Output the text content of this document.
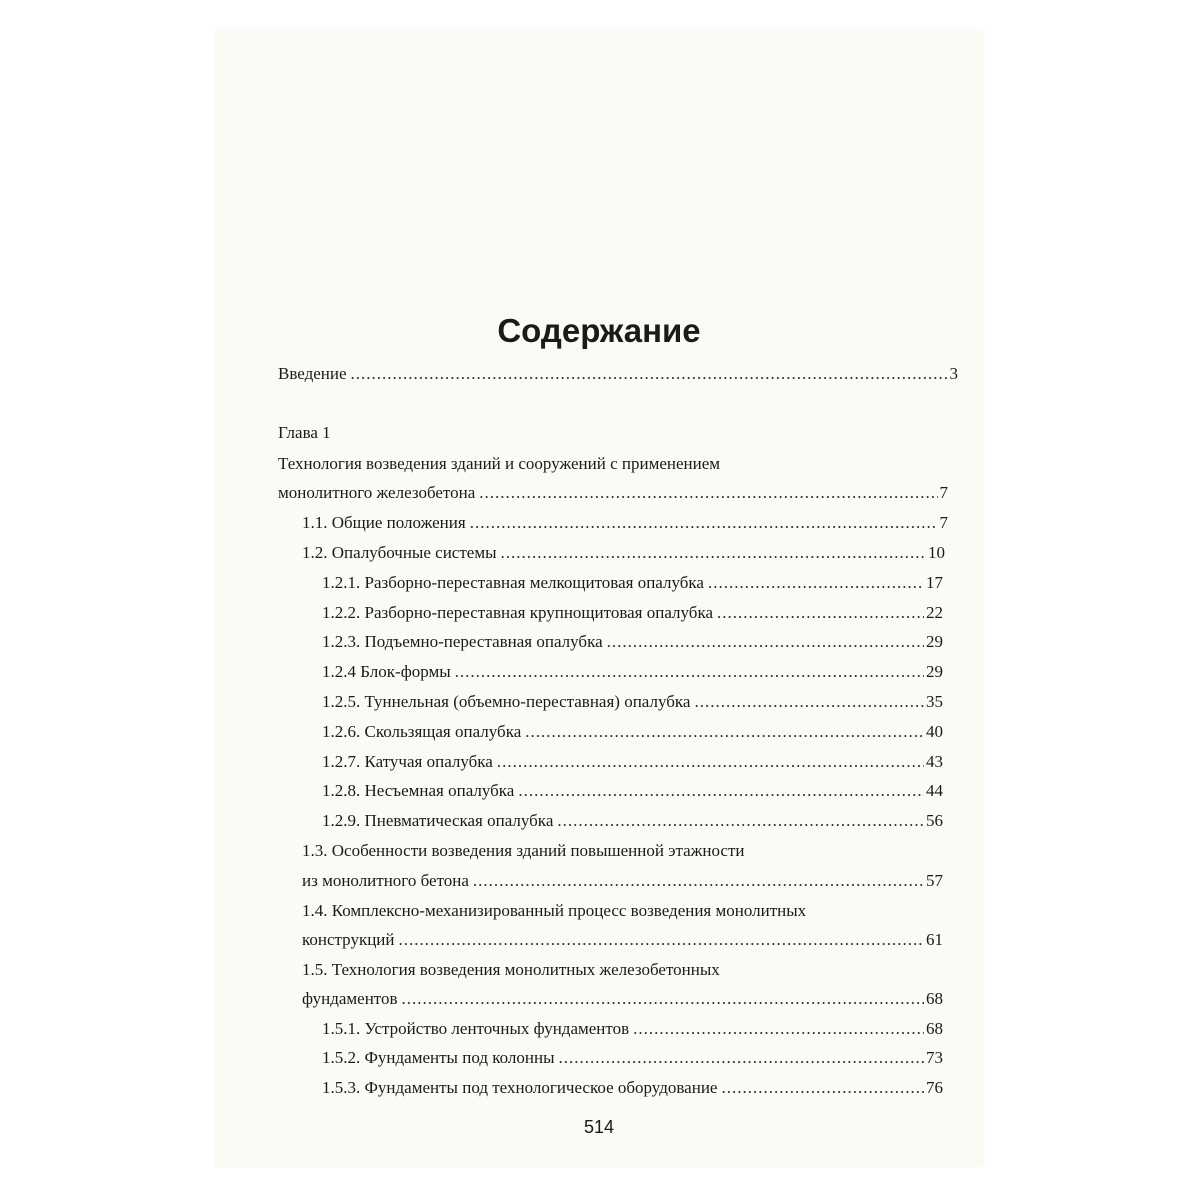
Содержание
Введение .....	3
Глава 1
Технология возведения зданий и сооружений с применением
монолитного железобетона .....	7
1.1. Общие положения .....	7
1.2. Опалубочные системы .....	10
1.2.1. Разборно-переставная мелкощитовая опалубка .....	17
1.2.2. Разборно-переставная крупнощитовая опалубка .....	22
1.2.3. Подъемно-переставная опалубка .....	29
1.2.4 Блок-формы .....	29
1.2.5. Туннельная (объемно-переставная) опалубка .....	35
1.2.6. Скользящая опалубка .....	40
1.2.7. Катучая опалубка .....	43
1.2.8. Несъемная опалубка .....	44
1.2.9. Пневматическая опалубка .....	56
1.3. Особенности возведения зданий повышенной этажности
из монолитного бетона .....	57
1.4. Комплексно-механизированный процесс возведения монолитных
конструкций .....	61
1.5. Технология возведения монолитных железобетонных
фундаментов .....	68
1.5.1. Устройство ленточных фундаментов .....	68
1.5.2. Фундаменты под колонны .....	73
1.5.3. Фундаменты под технологическое оборудование .....	76
514
